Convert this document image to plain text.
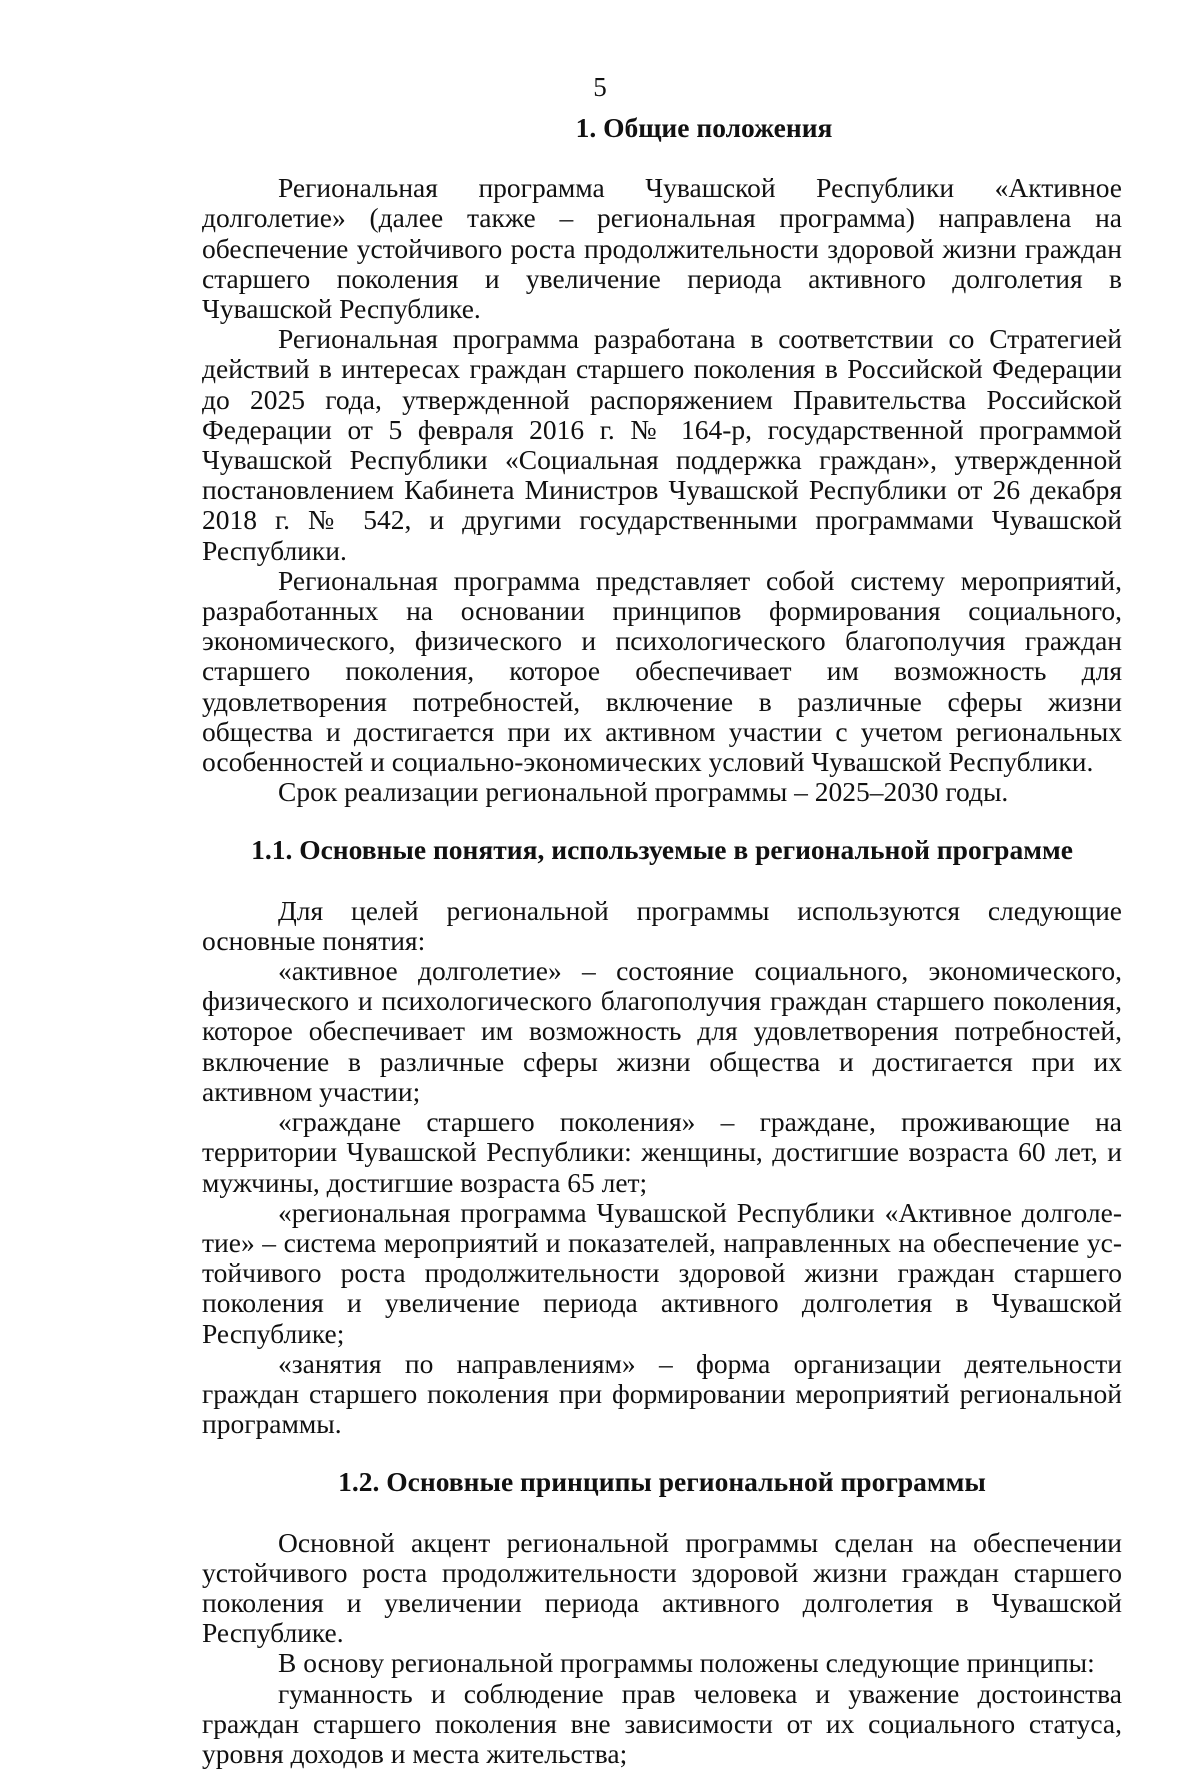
5
1. Общие положения

Региональная программа Чувашской Республики «Активное долголетие» (далее также – региональная программа) направлена на обеспечение устойчивого роста продолжительности здоровой жизни граждан старшего поколения и увеличение периода активного долголетия в Чувашской Республике.

Региональная программа разработана в соответствии со Стратегией действий в интересах граждан старшего поколения в Российской Федерации до 2025 года, утвержденной распоряжением Правительства Российской Федерации от 5 февраля 2016 г. № 164-р, государственной программой Чувашской Республики «Социальная поддержка граждан», утвержденной постановлением Кабинета Министров Чувашской Республики от 26 декабря 2018 г. № 542, и другими государственными программами Чувашской Республики.

Региональная программа представляет собой систему мероприятий, разработанных на основании принципов формирования социального, экономического, физического и психологического благополучия граждан старшего поколения, которое обеспечивает им возможность для удовлетворения потребностей, включение в различные сферы жизни общества и достигается при их активном участии с учетом региональных особенностей и социально-экономических условий Чувашской Республики.

Срок реализации региональной программы – 2025–2030 годы.

1.1. Основные понятия, используемые в региональной программе

Для целей региональной программы используются следующие основные понятия:

«активное долголетие» – состояние социального, экономического, физического и психологического благополучия граждан старшего поколения, которое обеспечивает им возможность для удовлетворения потребностей, включение в различные сферы жизни общества и достигается при их активном участии;

«граждане старшего поколения» – граждане, проживающие на территории Чувашской Республики: женщины, достигшие возраста 60 лет, и мужчины, достигшие возраста 65 лет;

«региональная программа Чувашской Республики «Активное долголетие» – система мероприятий и показателей, направленных на обеспечение устойчивого роста продолжительности здоровой жизни граждан старшего поколения и увеличение периода активного долголетия в Чувашской Республике;

«занятия по направлениям» – форма организации деятельности граждан старшего поколения при формировании мероприятий региональной программы.

1.2. Основные принципы региональной программы

Основной акцент региональной программы сделан на обеспечении устойчивого роста продолжительности здоровой жизни граждан старшего поколения и увеличении периода активного долголетия в Чувашской Республике.

В основу региональной программы положены следующие принципы:

гуманность и соблюдение прав человека и уважение достоинства граждан старшего поколения вне зависимости от их социального статуса, уровня доходов и места жительства;
